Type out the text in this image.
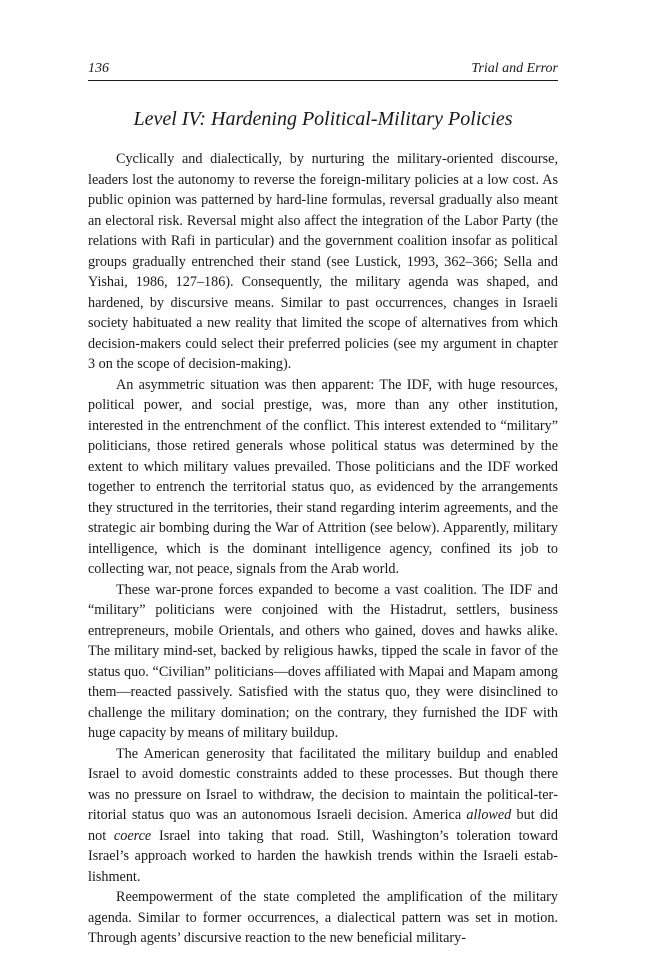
136	Trial and Error
Level IV: Hardening Political-Military Policies

Cyclically and dialectically, by nurturing the military-oriented discourse, leaders lost the autonomy to reverse the foreign-military policies at a low cost. As public opinion was patterned by hard-line formulas, reversal gradually also meant an electoral risk. Reversal might also affect the integration of the Labor Party (the relations with Rafi in particular) and the government coalition insofar as political groups gradually entrenched their stand (see Lustick, 1993, 362–366; Sella and Yishai, 1986, 127–186). Consequently, the military agenda was shaped, and hardened, by discursive means. Similar to past occurrences, changes in Israeli society habituated a new reality that limited the scope of alternatives from which decision-makers could select their preferred policies (see my argument in chapter 3 on the scope of decision-making).

An asymmetric situation was then apparent: The IDF, with huge resources, political power, and social prestige, was, more than any other institution, interested in the entrenchment of the conflict. This interest extended to “military” politicians, those retired generals whose political status was determined by the extent to which military values prevailed. Those politicians and the IDF worked together to entrench the territorial status quo, as evidenced by the arrangements they structured in the territories, their stand regarding interim agreements, and the strategic air bombing during the War of Attrition (see below). Apparently, military intelligence, which is the dominant intelligence agency, confined its job to collecting war, not peace, signals from the Arab world.

These war-prone forces expanded to become a vast coalition. The IDF and “military” politicians were conjoined with the Histadrut, settlers, business entrepreneurs, mobile Orientals, and others who gained, doves and hawks alike. The military mind-set, backed by religious hawks, tipped the scale in favor of the status quo. “Civilian” politicians—doves affiliated with Mapai and Mapam among them—reacted passively. Satisfied with the status quo, they were disinclined to challenge the military domination; on the contrary, they furnished the IDF with huge capacity by means of military buildup.

The American generosity that facilitated the military buildup and enabled Israel to avoid domestic constraints added to these processes. But though there was no pressure on Israel to withdraw, the decision to maintain the political-territorial status quo was an autonomous Israeli decision. America allowed but did not coerce Israel into taking that road. Still, Washington’s toleration toward Israel’s approach worked to harden the hawkish trends within the Israeli establishment.

Reempowerment of the state completed the amplification of the military agenda. Similar to former occurrences, a dialectical pattern was set in motion. Through agents’ discursive reaction to the new beneficial military-
